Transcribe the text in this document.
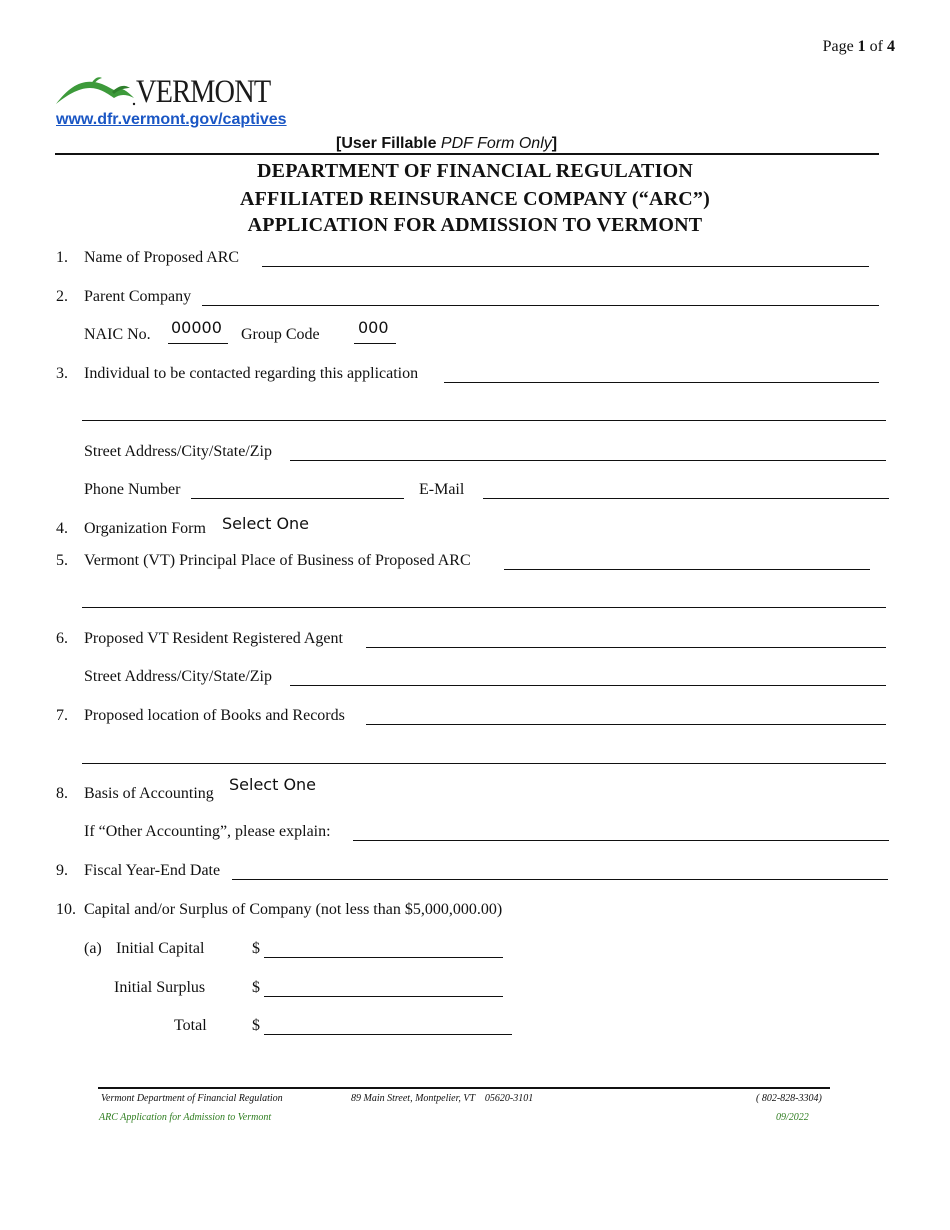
Page 1 of 4
VERMONT
www.dfr.vermont.gov/captives
[User Fillable PDF Form Only]
DEPARTMENT OF FINANCIAL REGULATION
AFFILIATED REINSURANCE COMPANY (“ARC”)
APPLICATION FOR ADMISSION TO VERMONT
1. Name of Proposed ARC
2. Parent Company
NAIC No. 00000 Group Code 000
3. Individual to be contacted regarding this application
Street Address/City/State/Zip
Phone Number	E-Mail
4. Organization Form Select One
5. Vermont (VT) Principal Place of Business of Proposed ARC
6. Proposed VT Resident Registered Agent
Street Address/City/State/Zip
7. Proposed location of Books and Records
8. Basis of Accounting Select One
If “Other Accounting”, please explain:
9. Fiscal Year-End Date
10. Capital and/or Surplus of Company (not less than $5,000,000.00)
(a) Initial Capital	$
Initial Surplus	$
Total	$
Vermont Department of Financial Regulation	89 Main Street, Montpelier, VT    05620-3101	( 802-828-3304)
ARC Application for Admission to Vermont	09/2022
